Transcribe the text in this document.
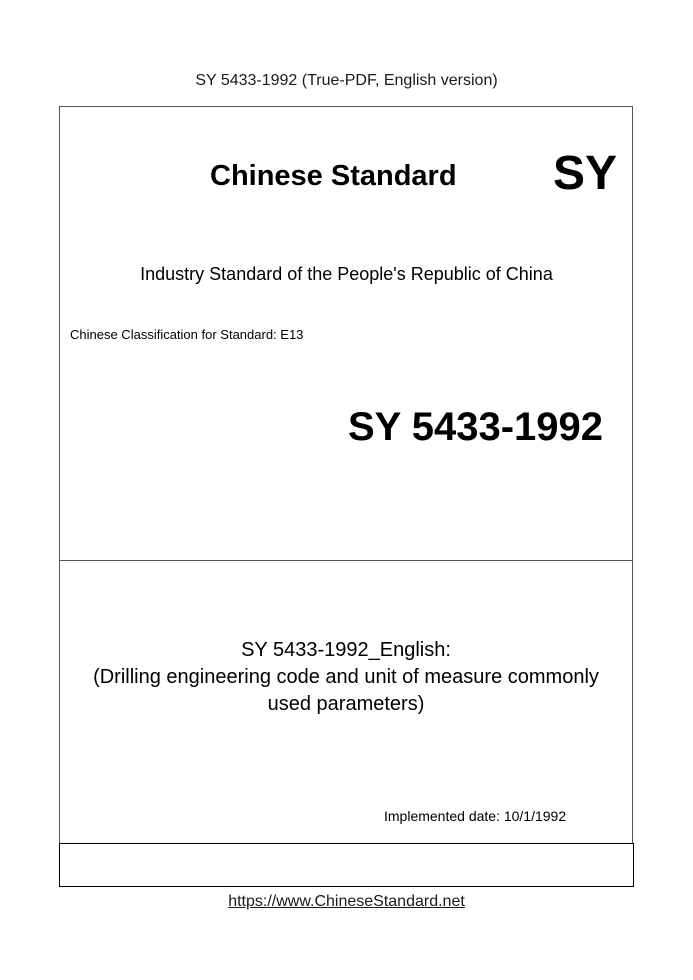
SY 5433-1992 (True-PDF, English version)
Chinese Standard SY
Industry Standard of the People's Republic of China
Chinese Classification for Standard: E13
SY 5433-1992
SY 5433-1992_English:
(Drilling engineering code and unit of measure commonly
used parameters)
Implemented date: 10/1/1992
https://www.ChineseStandard.net
